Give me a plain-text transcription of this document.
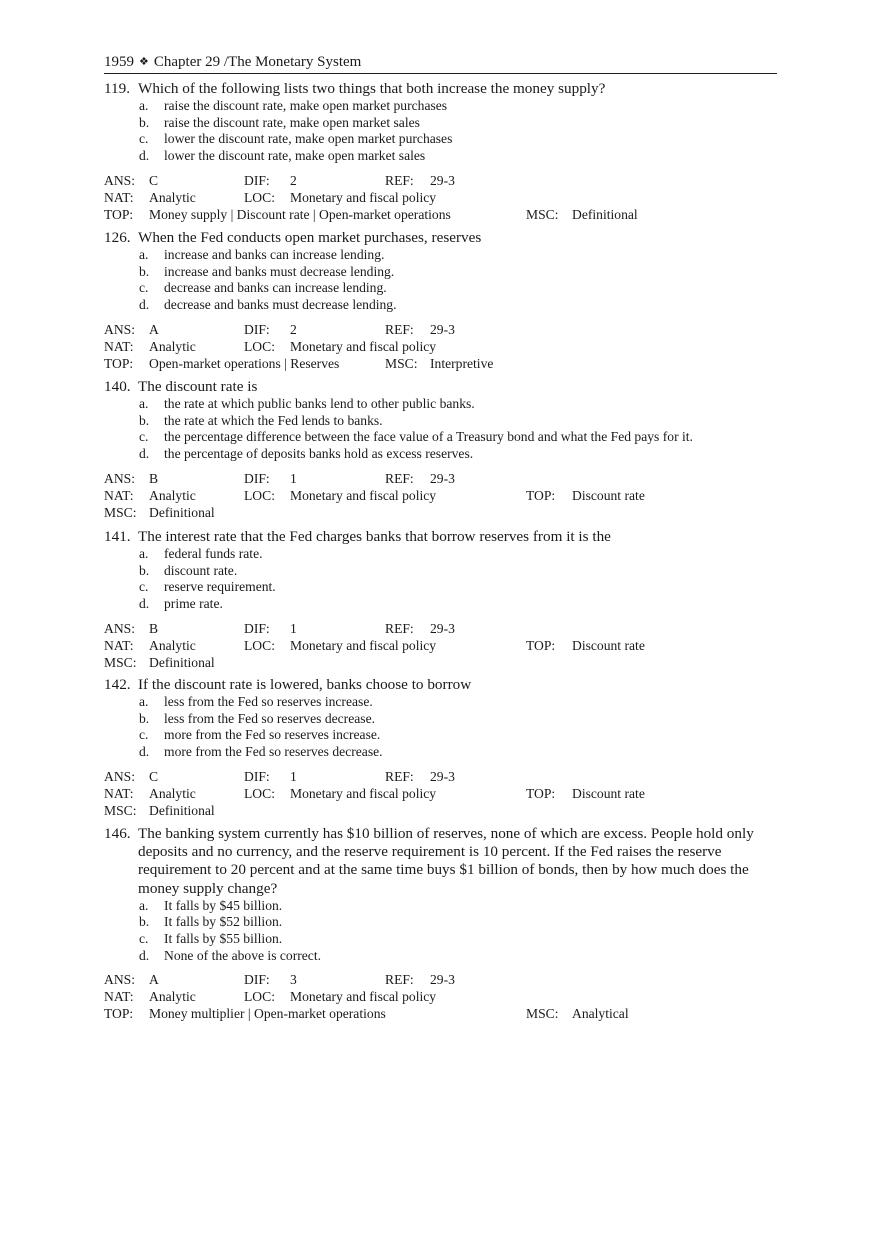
1959 ❖ Chapter 29 /The Monetary System
119. Which of the following lists two things that both increase the money supply?
a. raise the discount rate, make open market purchases
b. raise the discount rate, make open market sales
c. lower the discount rate, make open market purchases
d. lower the discount rate, make open market sales
ANS: C	DIF: 2	REF: 29-3
NAT: Analytic	LOC: Monetary and fiscal policy
TOP: Money supply | Discount rate | Open-market operations	MSC: Definitional
126. When the Fed conducts open market purchases, reserves
a. increase and banks can increase lending.
b. increase and banks must decrease lending.
c. decrease and banks can increase lending.
d. decrease and banks must decrease lending.
ANS: A	DIF: 2	REF: 29-3
NAT: Analytic	LOC: Monetary and fiscal policy
TOP: Open-market operations | Reserves	MSC: Interpretive
140. The discount rate is
a. the rate at which public banks lend to other public banks.
b. the rate at which the Fed lends to banks.
c. the percentage difference between the face value of a Treasury bond and what the Fed pays for it.
d. the percentage of deposits banks hold as excess reserves.
ANS: B	DIF: 1	REF: 29-3
NAT: Analytic	LOC: Monetary and fiscal policy	TOP: Discount rate
MSC: Definitional
141. The interest rate that the Fed charges banks that borrow reserves from it is the
a. federal funds rate.
b. discount rate.
c. reserve requirement.
d. prime rate.
ANS: B	DIF: 1	REF: 29-3
NAT: Analytic	LOC: Monetary and fiscal policy	TOP: Discount rate
MSC: Definitional
142. If the discount rate is lowered, banks choose to borrow
a. less from the Fed so reserves increase.
b. less from the Fed so reserves decrease.
c. more from the Fed so reserves increase.
d. more from the Fed so reserves decrease.
ANS: C	DIF: 1	REF: 29-3
NAT: Analytic	LOC: Monetary and fiscal policy	TOP: Discount rate
MSC: Definitional
146. The banking system currently has $10 billion of reserves, none of which are excess. People hold only deposits and no currency, and the reserve requirement is 10 percent. If the Fed raises the reserve requirement to 20 percent and at the same time buys $1 billion of bonds, then by how much does the money supply change?
a. It falls by $45 billion.
b. It falls by $52 billion.
c. It falls by $55 billion.
d. None of the above is correct.
ANS: A	DIF: 3	REF: 29-3
NAT: Analytic	LOC: Monetary and fiscal policy
TOP: Money multiplier | Open-market operations	MSC: Analytical
